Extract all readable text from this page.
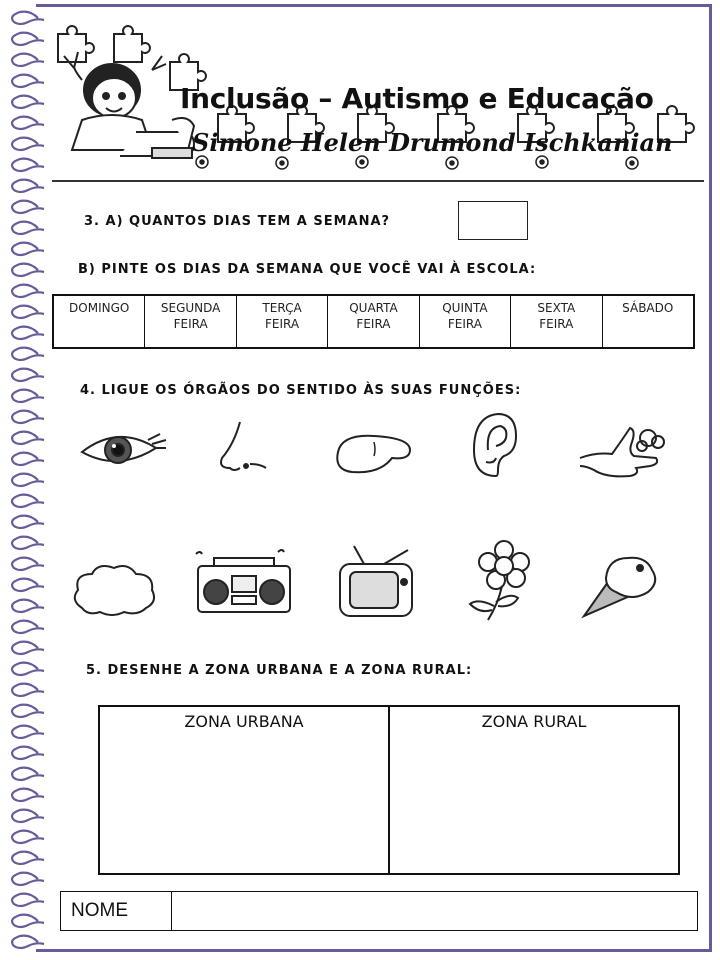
Inclusão – Autismo e Educação
Simone Helen Drumond Ischkanian
3. A) QUANTOS DIAS TEM A SEMANA?
B) PINTE OS DIAS DA SEMANA QUE VOCÊ VAI À ESCOLA:
DOMINGO	SEGUNDA
FEIRA
TERÇA
FEIRA
QUARTA
FEIRA
QUINTA
FEIRA
SEXTA
FEIRA
SÁBADO
4. LIGUE OS ÓRGÃOS DO SENTIDO ÀS SUAS FUNÇÕES:
5. DESENHE A ZONA URBANA E A ZONA RURAL:
ZONA URBANA	ZONA RURAL
NOME
